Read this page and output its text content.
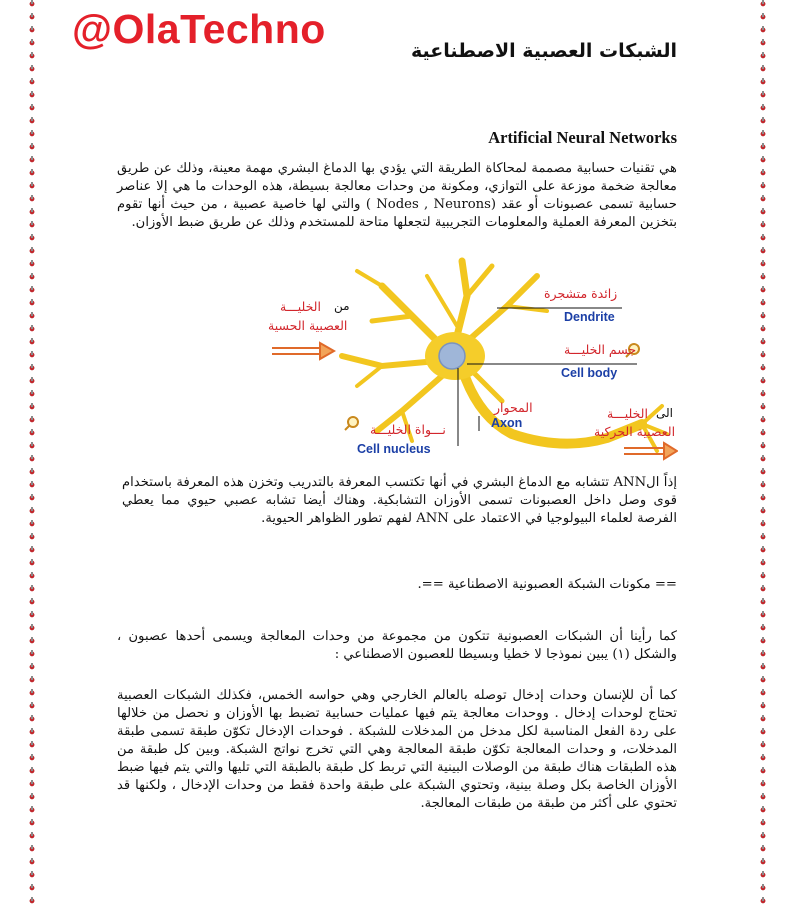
@OlaTechno	الشبكات العصبية الاصطناعية
Artificial Neural Networks

هي تقنيات حسابية مصممة لمحاكاة الطريقة التي يؤدي بها الدماغ البشري مهمة معينة، وذلك عن طريق معالجة ضخمة موزعة على التوازي، ومكونة من وحدات معالجة بسيطة، هذه الوحدات ما هي إلا عناصر حسابية تسمى عصبونات أو عقد (Nodes , Neurons ) والتي لها خاصية عصبية ، من حيث أنها تقوم بتخزين المعرفة العملية والمعلومات التجريبية لتجعلها متاحة للمستخدم وذلك عن طريق ضبط الأوزان.

زائدة متشجرة
Dendrite
جسم الخليـــة
Cell body
المحوار
Axon
نـــواة الخليـــة
Cell nucleus
من
الخليـــة
العصبية الحسية
الى
الخليـــة
العصبية الحركية

إذاً الANN تتشابه مع الدماغ البشري في أنها تكتسب المعرفة بالتدريب وتخزن هذه المعرفة باستخدام قوى وصل داخل العصبونات تسمى الأوزان التشابكية. وهناك أيضا تشابه عصبي حيوي مما يعطي الفرصة لعلماء البيولوجيا في الاعتماد على ANN لفهم تطور الظواهر الحيوية.

== مكونات الشبكة العصبونية الاصطناعية ==.

كما رأينا أن الشبكات العصبونية تتكون من مجموعة من وحدات المعالجة ويسمى أحدها عصبون ، والشكل (١) يبين نموذجا لا خطيا وبسيطا للعصبون الاصطناعي :

كما أن للإنسان وحدات إدخال توصله بالعالم الخارجي وهي حواسه الخمس، فكذلك الشبكات العصبية تحتاج لوحدات إدخال . ووحدات معالجة يتم فيها عمليات حسابية تضبط بها الأوزان و نحصل من خلالها على ردة الفعل المناسبة لكل مدخل من المدخلات للشبكة . فوحدات الإدخال تكوّن طبقة تسمى طبقة المدخلات، و وحدات المعالجة تكوّن طبقة المعالجة وهي التي تخرج نواتج الشبكة. وبين كل طبقة من هذه الطبقات هناك طبقة من الوصلات البينية التي تربط كل طبقة بالطبقة التي تليها والتي يتم فيها ضبط الأوزان الخاصة بكل وصلة بينية، وتحتوي الشبكة على طبقة واحدة فقط من وحدات الإدخال ، ولكنها قد تحتوي على أكثر من طبقة من طبقات المعالجة.
